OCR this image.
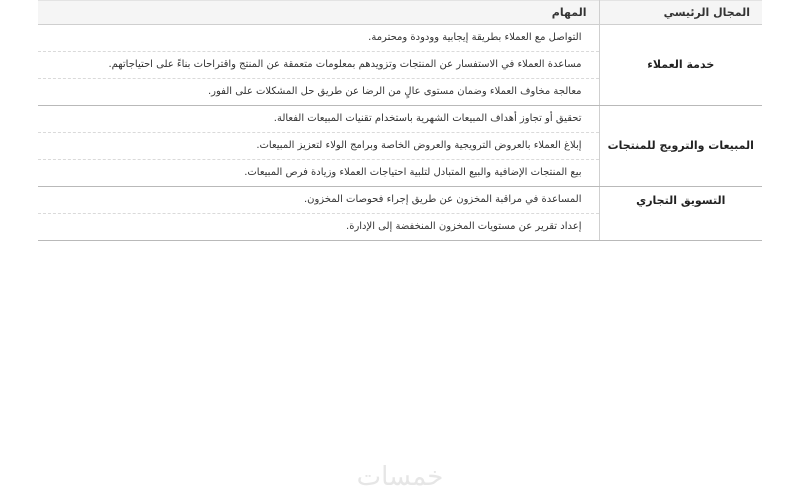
المجال الرئيسي	المهام
خدمة العملاء	التواصل مع العملاء بطريقة إيجابية وودودة ومحترمة.
مساعدة العملاء في الاستفسار عن المنتجات وتزويدهم بمعلومات متعمقة عن المنتج واقتراحات بناءً على احتياجاتهم.
معالجة مخاوف العملاء وضمان مستوى عالٍ من الرضا عن طريق حل المشكلات على الفور.

المبيعات والترويج للمنتجات	تحقيق أو تجاوز أهداف المبيعات الشهرية باستخدام تقنيات المبيعات الفعالة.
إبلاغ العملاء بالعروض الترويجية والعروض الخاصة وبرامج الولاء لتعزيز المبيعات.
بيع المنتجات الإضافية والبيع المتبادل لتلبية احتياجات العملاء وزيادة فرص المبيعات.

التسويق التجاري	المساعدة في مراقبة المخزون عن طريق إجراء فحوصات المخزون.
إعداد تقرير عن مستويات المخزون المنخفضة إلى الإدارة.
خمسات
